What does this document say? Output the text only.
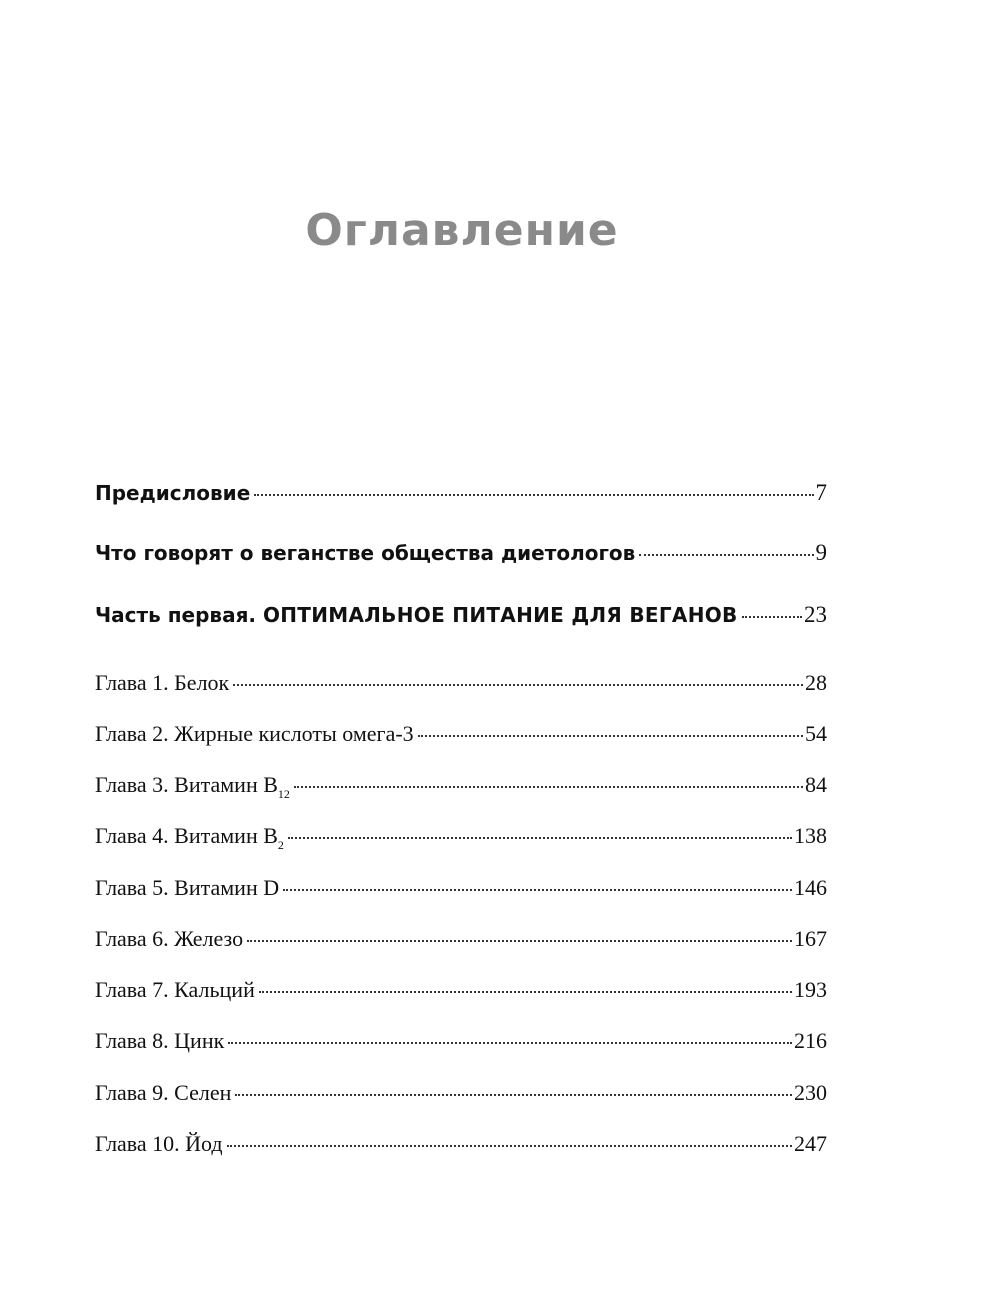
Оглавление
Предисловие	7
Что говорят о веганстве общества диетологов	9
Часть первая. ОПТИМАЛЬНОЕ ПИТАНИЕ ДЛЯ ВЕГАНОВ	23
Глава 1. Белок	28
Глава 2. Жирные кислоты омега-3	54
Глава 3. Витамин $B_{12}$	84
Глава 4. Витамин $B_2$	138
Глава 5. Витамин D	146
Глава 6. Железо	167
Глава 7. Кальций	193
Глава 8. Цинк	216
Глава 9. Селен	230
Глава 10. Йод	247
